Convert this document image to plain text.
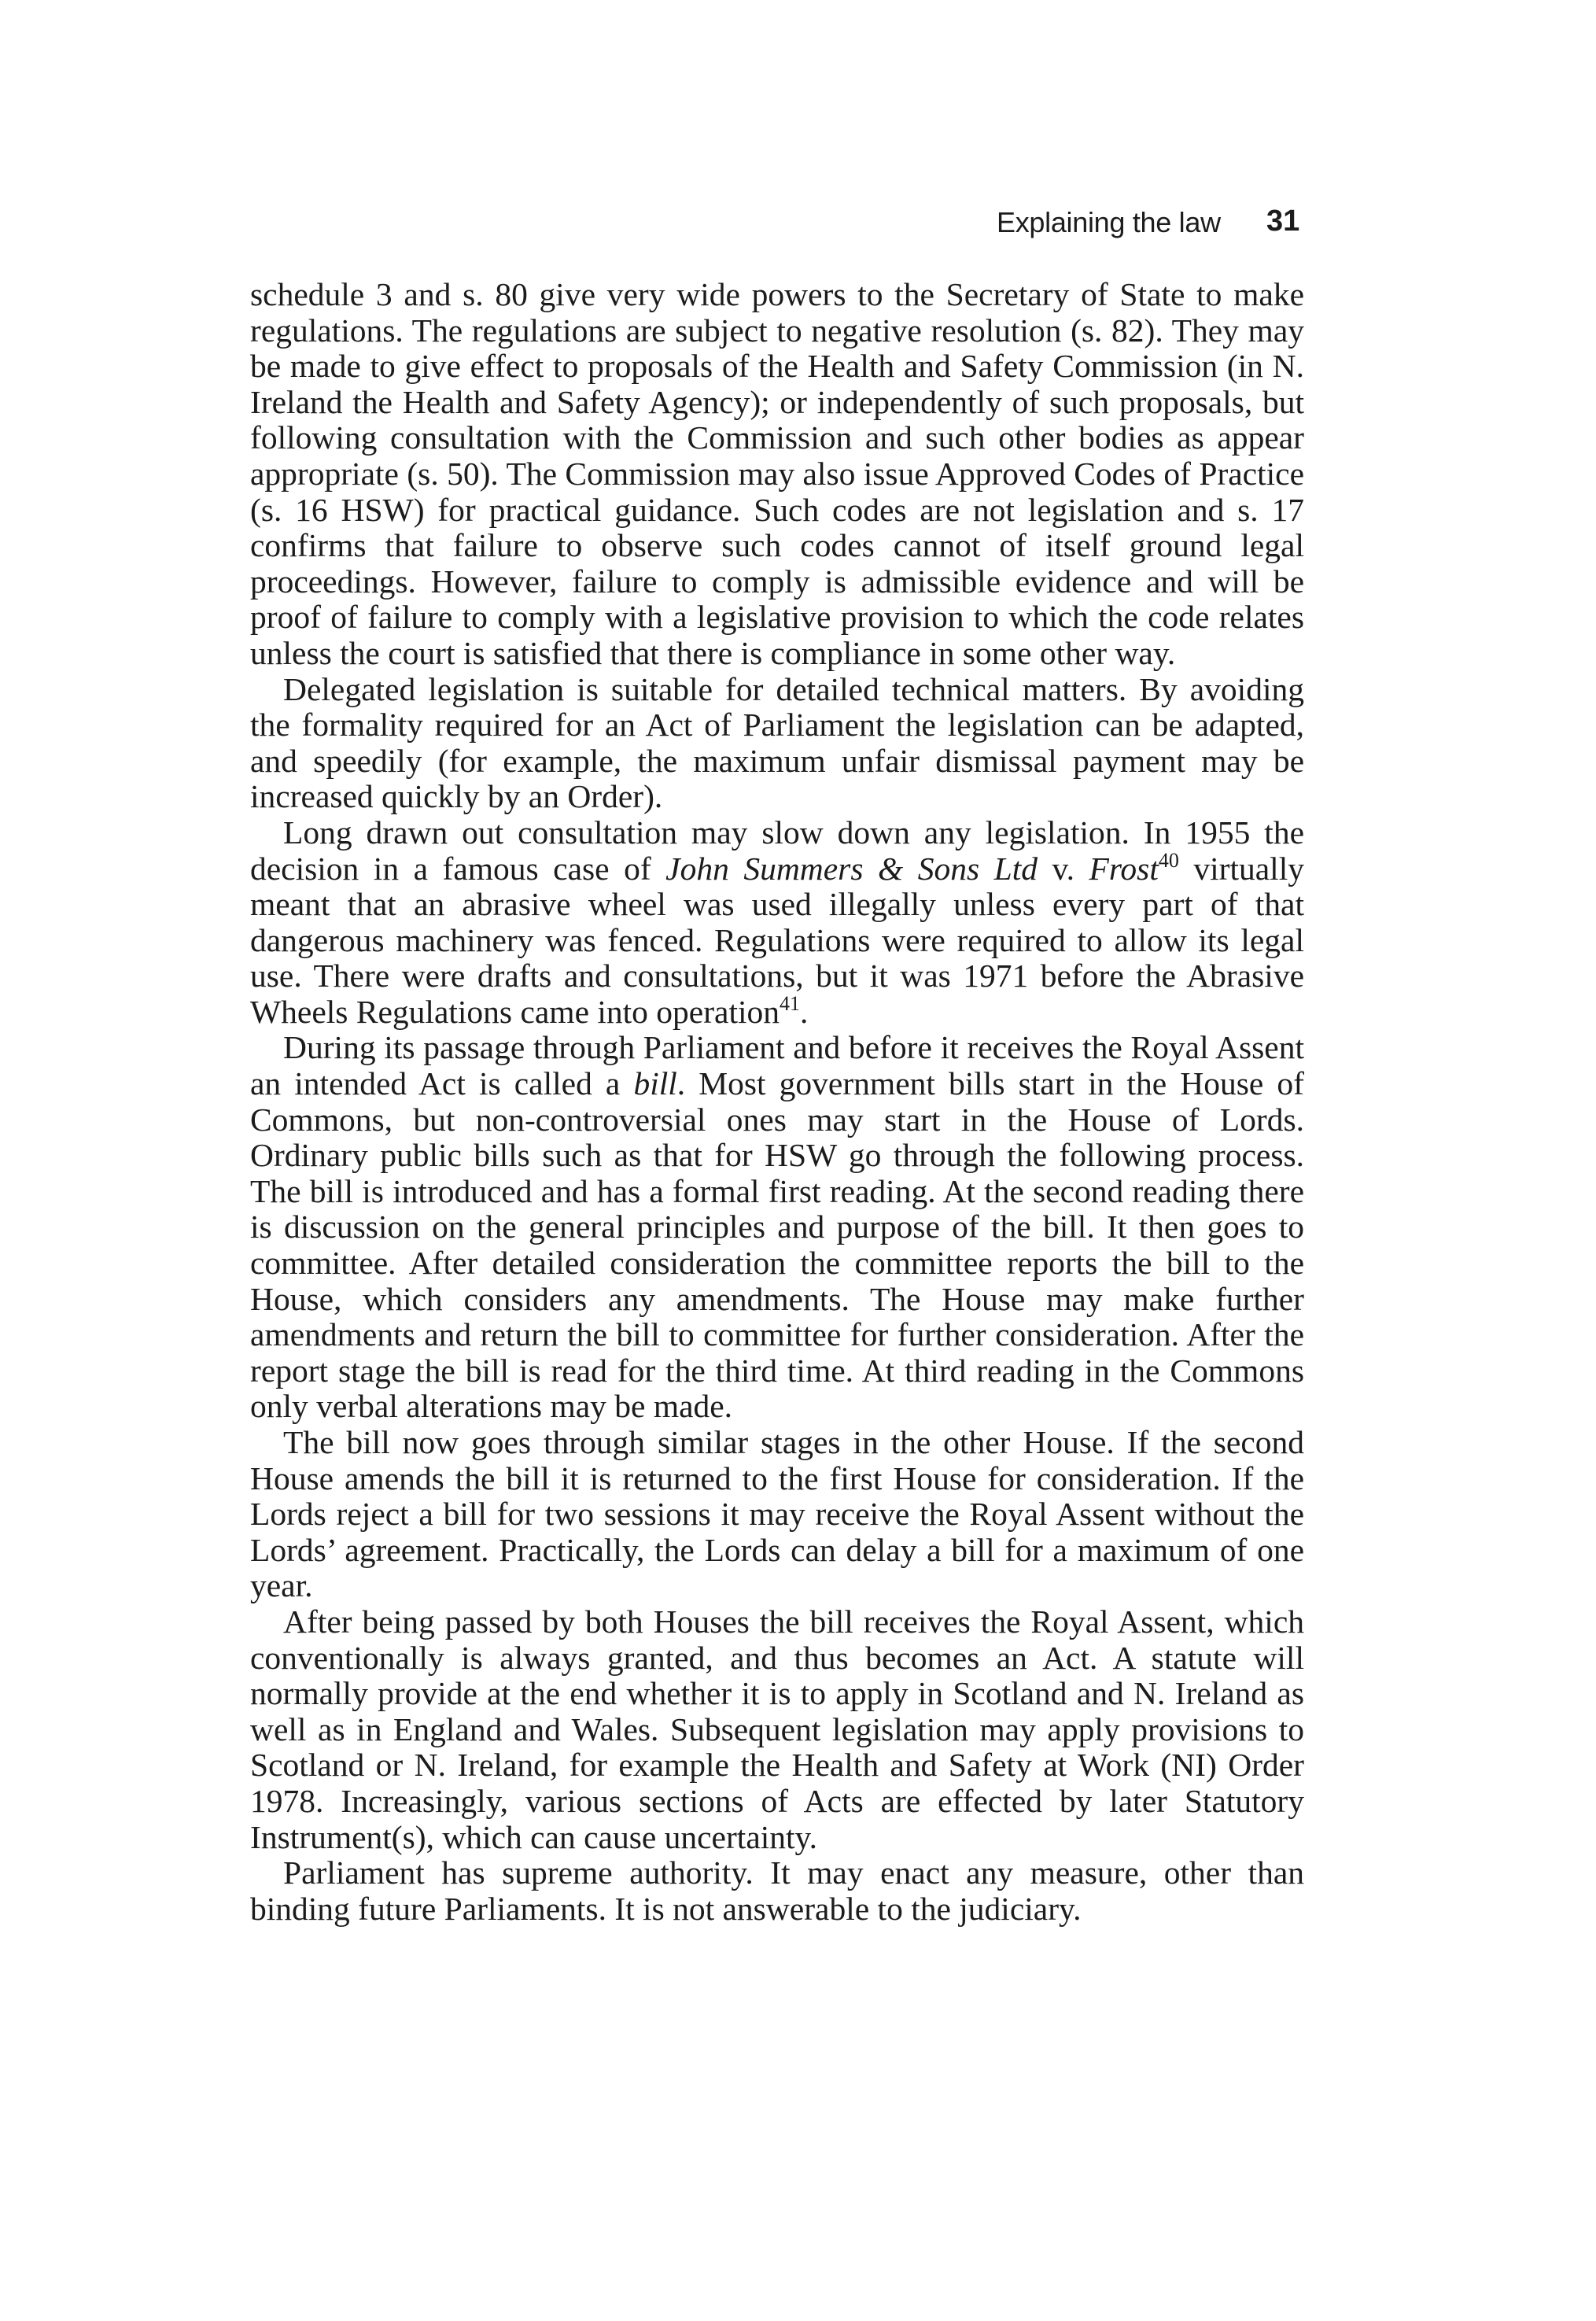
Explaining the law 31

schedule 3 and s. 80 give very wide powers to the Secretary of State to make regulations. The regulations are subject to negative resolution (s. 82). They may be made to give effect to proposals of the Health and Safety Commission (in N. Ireland the Health and Safety Agency); or independently of such proposals, but following consultation with the Commission and such other bodies as appear appropriate (s. 50). The Commission may also issue Approved Codes of Practice (s. 16 HSW) for practical guidance. Such codes are not legislation and s. 17 confirms that failure to observe such codes cannot of itself ground legal proceedings. However, failure to comply is admissible evidence and will be proof of failure to comply with a legislative provision to which the code relates unless the court is satisfied that there is compliance in some other way.

Delegated legislation is suitable for detailed technical matters. By avoiding the formality required for an Act of Parliament the legislation can be adapted, and speedily (for example, the maximum unfair dismissal payment may be increased quickly by an Order).

Long drawn out consultation may slow down any legislation. In 1955 the decision in a famous case of John Summers & Sons Ltd v. Frost$^{40}$ virtually meant that an abrasive wheel was used illegally unless every part of that dangerous machinery was fenced. Regulations were required to allow its legal use. There were drafts and consultations, but it was 1971 before the Abrasive Wheels Regulations came into operation$^{41}$.

During its passage through Parliament and before it receives the Royal Assent an intended Act is called a bill. Most government bills start in the House of Commons, but non-controversial ones may start in the House of Lords. Ordinary public bills such as that for HSW go through the following process. The bill is introduced and has a formal first reading. At the second reading there is discussion on the general principles and purpose of the bill. It then goes to committee. After detailed consideration the committee reports the bill to the House, which considers any amendments. The House may make further amendments and return the bill to committee for further consideration. After the report stage the bill is read for the third time. At third reading in the Commons only verbal alterations may be made.

The bill now goes through similar stages in the other House. If the second House amends the bill it is returned to the first House for consideration. If the Lords reject a bill for two sessions it may receive the Royal Assent without the Lords’ agreement. Practically, the Lords can delay a bill for a maximum of one year.

After being passed by both Houses the bill receives the Royal Assent, which conventionally is always granted, and thus becomes an Act. A statute will normally provide at the end whether it is to apply in Scotland and N. Ireland as well as in England and Wales. Subsequent legislation may apply provisions to Scotland or N. Ireland, for example the Health and Safety at Work (NI) Order 1978. Increasingly, various sections of Acts are effected by later Statutory Instrument(s), which can cause uncertainty.

Parliament has supreme authority. It may enact any measure, other than binding future Parliaments. It is not answerable to the judiciary.
